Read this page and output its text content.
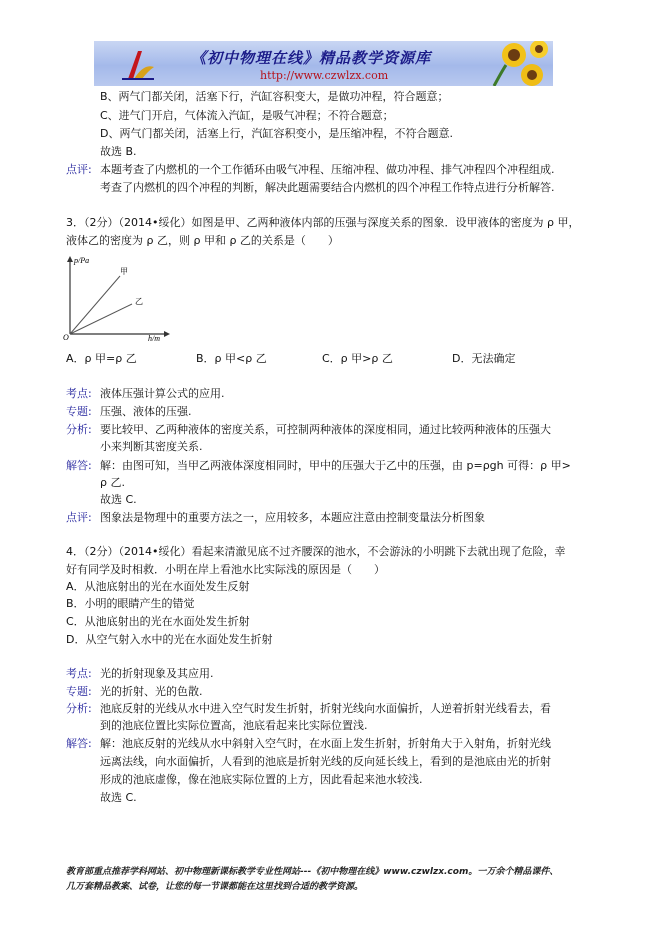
《初中物理在线》精品教学资源库
http://www.czwlzx.com
B、两气门都关闭，活塞下行，汽缸容积变大，是做功冲程，符合题意；
C、进气门开启，气体流入汽缸，是吸气冲程；不符合题意；
D、两气门都关闭，活塞上行，汽缸容积变小，是压缩冲程，不符合题意.
故选 B.
点评: 本题考查了内燃机的一个工作循环由吸气冲程、压缩冲程、做功冲程、排气冲程四个冲程组成.
考查了内燃机的四个冲程的判断，解决此题需要结合内燃机的四个冲程工作特点进行分析解答.
3．（2分）（2014•绥化）如图是甲、乙两种液体内部的压强与深度关系的图象．设甲液体的密度为 ρ 甲，
液体乙的密度为 ρ 乙，则 ρ 甲和 ρ 乙的关系是（　　）
p/Pa
h/m
O
甲
乙
A．ρ 甲=ρ 乙	B．ρ 甲<ρ 乙	C．ρ 甲>ρ 乙	D．无法确定
考点: 液体压强计算公式的应用.
专题: 压强、液体的压强.
分析: 要比较甲、乙两种液体的密度关系，可控制两种液体的深度相同，通过比较两种液体的压强大
小来判断其密度关系.
解答: 解：由图可知，当甲乙两液体深度相同时，甲中的压强大于乙中的压强，由 p=ρgh 可得：ρ 甲>
ρ 乙.
故选 C.
点评: 图象法是物理中的重要方法之一，应用较多，本题应注意由控制变量法分析图象
4．（2分）（2014•绥化）看起来清澈见底不过齐腰深的池水，不会游泳的小明跳下去就出现了危险，幸
好有同学及时相救．小明在岸上看池水比实际浅的原因是（　　）
A．从池底射出的光在水面处发生反射
B．小明的眼睛产生的错觉
C．从池底射出的光在水面处发生折射
D．从空气射入水中的光在水面处发生折射
考点: 光的折射现象及其应用.
专题: 光的折射、光的色散.
分析: 池底反射的光线从水中进入空气时发生折射，折射光线向水面偏折，人逆着折射光线看去，看
到的池底位置比实际位置高，池底看起来比实际位置浅.
解答: 解：池底反射的光线从水中斜射入空气时，在水面上发生折射，折射角大于入射角，折射光线
远离法线，向水面偏折，人看到的池底是折射光线的反向延长线上，看到的是池底由光的折射
形成的池底虚像，像在池底实际位置的上方，因此看起来池水较浅.
故选 C.
教育部重点推荐学科网站、初中物理新课标教学专业性网站---《初中物理在线》www.czwlzx.com。一万余个精品课件、
几万套精品教案、试卷，让您的每一节课都能在这里找到合适的教学资源。
